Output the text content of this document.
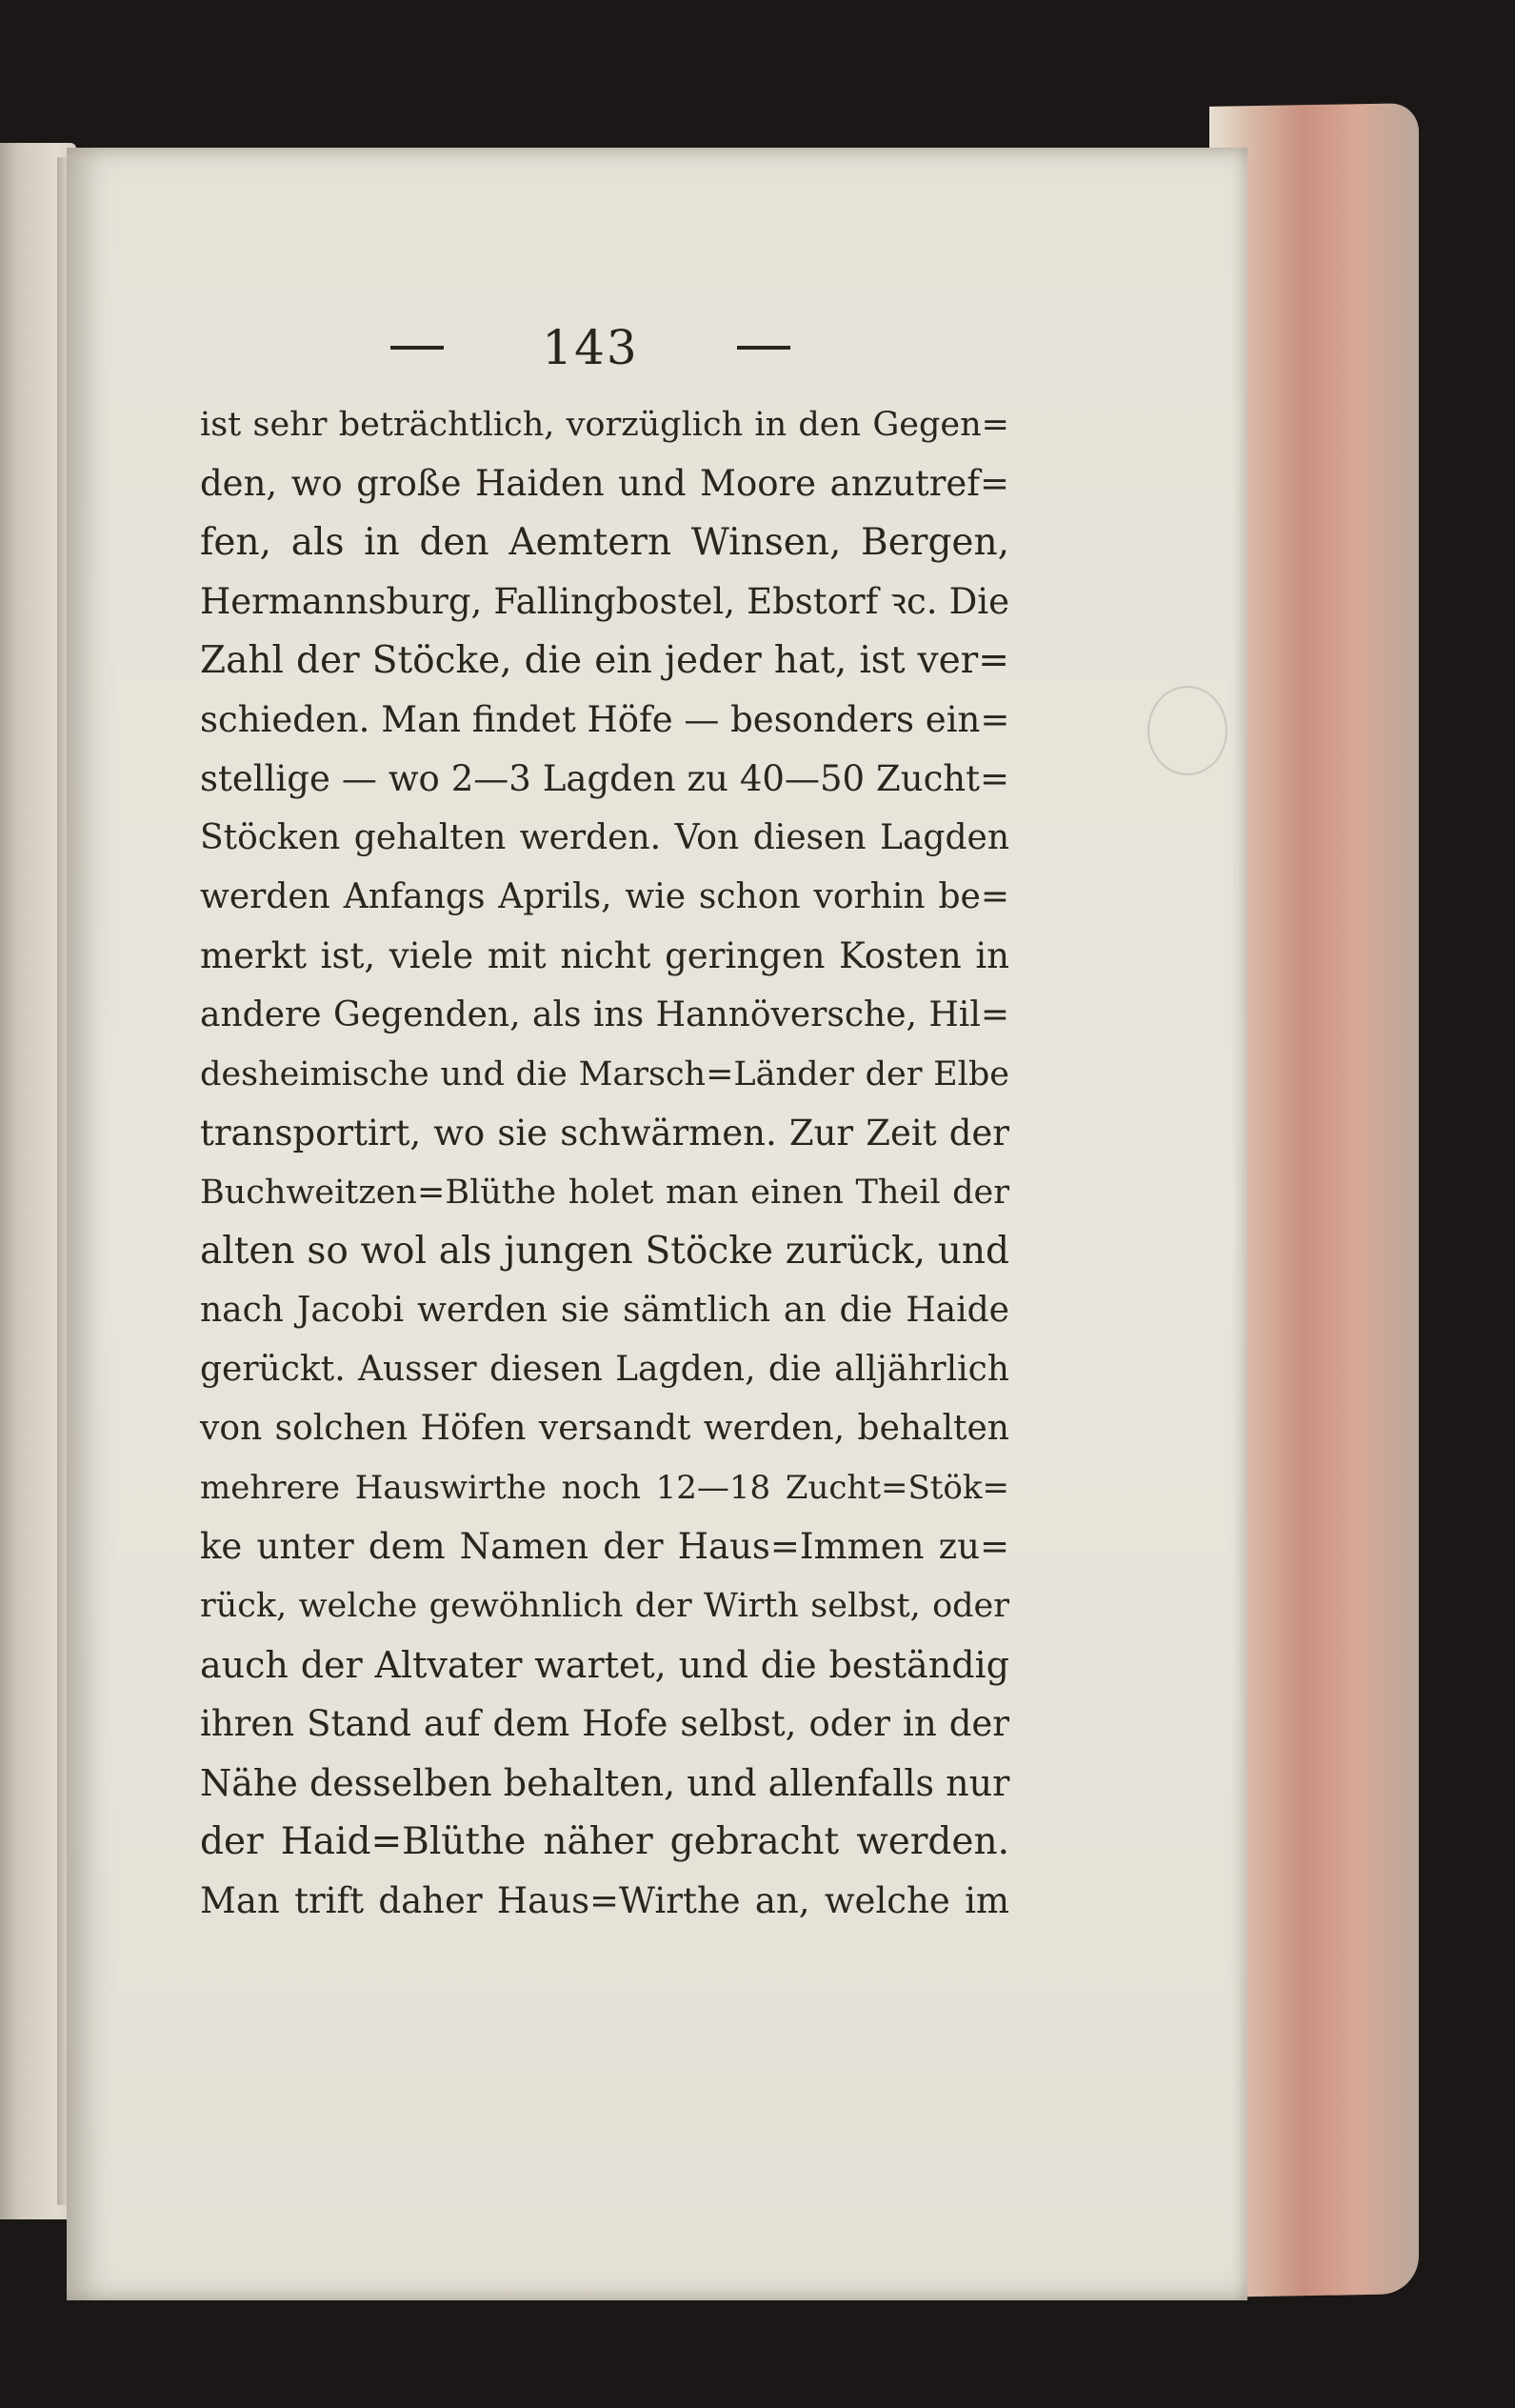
143
ist sehr beträchtlich, vorzüglich in den Gegen=
den, wo große Haiden und Moore anzutref=
fen, als in den Aemtern Winsen, Bergen,
Hermannsburg, Fallingbostel, Ebstorf ꝛc. Die
Zahl der Stöcke, die ein jeder hat, ist ver=
schieden. Man findet Höfe — besonders ein=
stellige — wo 2—3 Lagden zu 40—50 Zucht=
Stöcken gehalten werden. Von diesen Lagden
werden Anfangs Aprils, wie schon vorhin be=
merkt ist, viele mit nicht geringen Kosten in
andere Gegenden, als ins Hannöversche, Hil=
desheimische und die Marsch=Länder der Elbe
transportirt, wo sie schwärmen. Zur Zeit der
Buchweitzen=Blüthe holet man einen Theil der
alten so wol als jungen Stöcke zurück, und
nach Jacobi werden sie sämtlich an die Haide
gerückt. Ausser diesen Lagden, die alljährlich
von solchen Höfen versandt werden, behalten
mehrere Hauswirthe noch 12—18 Zucht=Stök=
ke unter dem Namen der Haus=Immen zu=
rück, welche gewöhnlich der Wirth selbst, oder
auch der Altvater wartet, und die beständig
ihren Stand auf dem Hofe selbst, oder in der
Nähe desselben behalten, und allenfalls nur
der Haid=Blüthe näher gebracht werden.
Man trift daher Haus=Wirthe an, welche im
